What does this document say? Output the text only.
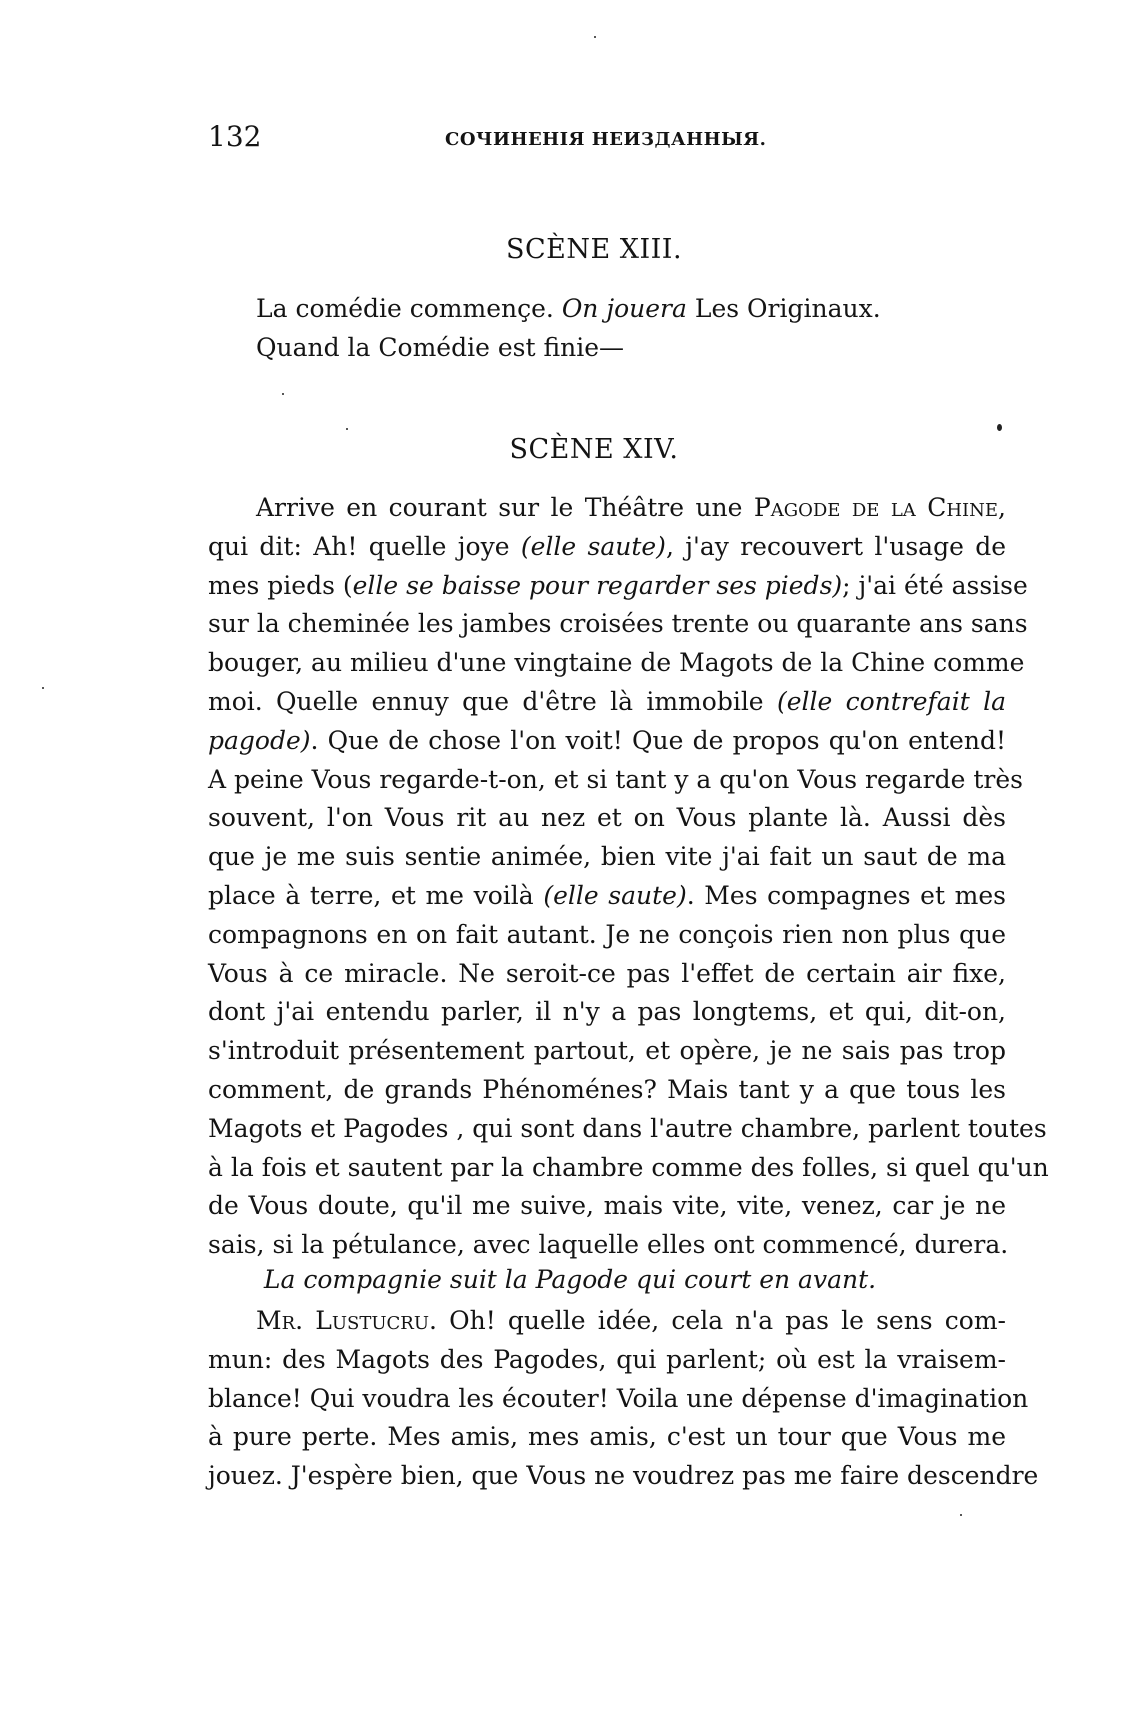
132	СОЧИНЕНІЯ НЕИЗДАННЫЯ.
SCÈNE XIII.
La comédie commençe. On jouera Les Originaux.
Quand la Comédie est finie—
SCÈNE XIV.
Arrive en courant sur le Théâtre une Pagode de la Chine,
qui dit: Ah! quelle joye (elle saute), j'ay recouvert l'usage de
mes pieds (elle se baisse pour regarder ses pieds); j'ai été assise
sur la cheminée les jambes croisées trente ou quarante ans sans
bouger, au milieu d'une vingtaine de Magots de la Chine comme
moi. Quelle ennuy que d'être là immobile (elle contrefait la
pagode). Que de chose l'on voit! Que de propos qu'on entend!
A peine Vous regarde-t-on, et si tant y a qu'on Vous regarde très
souvent, l'on Vous rit au nez et on Vous plante là. Aussi dès
que je me suis sentie animée, bien vite j'ai fait un saut de ma
place à terre, et me voilà (elle saute). Mes compagnes et mes
compagnons en on fait autant. Je ne conçois rien non plus que
Vous à ce miracle. Ne seroit-ce pas l'effet de certain air fixe,
dont j'ai entendu parler, il n'y a pas longtems, et qui, dit-on,
s'introduit présentement partout, et opère, je ne sais pas trop
comment, de grands Phénoménes? Mais tant y a que tous les
Magots et Pagodes , qui sont dans l'autre chambre, parlent toutes
à la fois et sautent par la chambre comme des folles, si quel qu'un
de Vous doute, qu'il me suive, mais vite, vite, venez, car je ne
sais, si la pétulance, avec laquelle elles ont commencé, durera.
La compagnie suit la Pagode qui court en avant.
Mr. Lustucru. Oh! quelle idée, cela n'a pas le sens com-
mun: des Magots des Pagodes, qui parlent; où est la vraisem-
blance! Qui voudra les écouter! Voila une dépense d'imagination
à pure perte. Mes amis, mes amis, c'est un tour que Vous me
jouez. J'espère bien, que Vous ne voudrez pas me faire descendre
